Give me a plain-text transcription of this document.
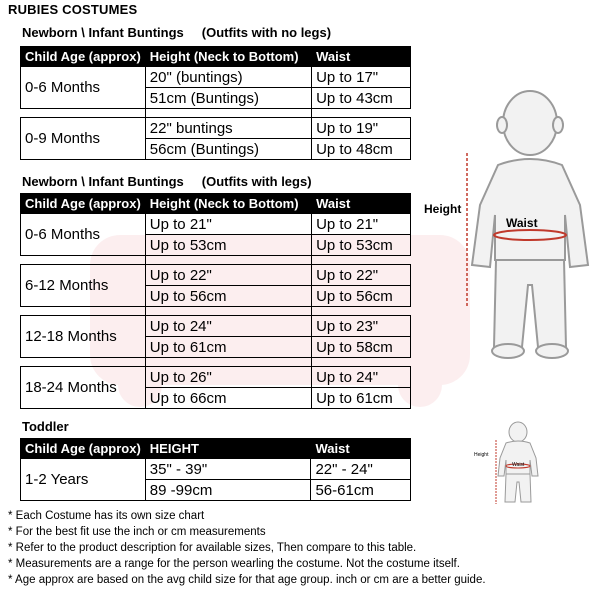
RUBIES COSTUMES
Newborn \ Infant Buntings (Outfits with no legs)
Child Age (approx)	Height (Neck to Bottom)	Waist
0-6 Months	20" (buntings)	Up to 17"
	51cm (Buntings)	Up to 43cm

0-9 Months	22" buntings	Up to 19"
	56cm (Buntings)	Up to 48cm
Newborn \ Infant Buntings (Outfits with legs)
Child Age (approx)	Height (Neck to Bottom)	Waist
0-6 Months	Up to 21"	Up to 21"
	Up to 53cm	Up to 53cm

6-12 Months	Up to 22"	Up to 22"
	Up to 56cm	Up to 56cm

12-18 Months	Up to 24"	Up to 23"
	Up to 61cm	Up to 58cm

18-24 Months	Up to 26"	Up to 24"
	Up to 66cm	Up to 61cm
Toddler
Child Age (approx)	HEIGHT	Waist
1-2 Years	35" - 39"	22" - 24"
	89 -99cm	56-61cm
Height
Waist
Height
Waist
* Each Costume has its own size chart
* For the best fit use the inch or cm measurements
* Refer to the product description for available sizes, Then compare to this table.
* Measurements are a range for the person wearling the costume. Not the costume itself.
* Age approx are based on the avg child size for that age group. inch or cm are a better guide.
